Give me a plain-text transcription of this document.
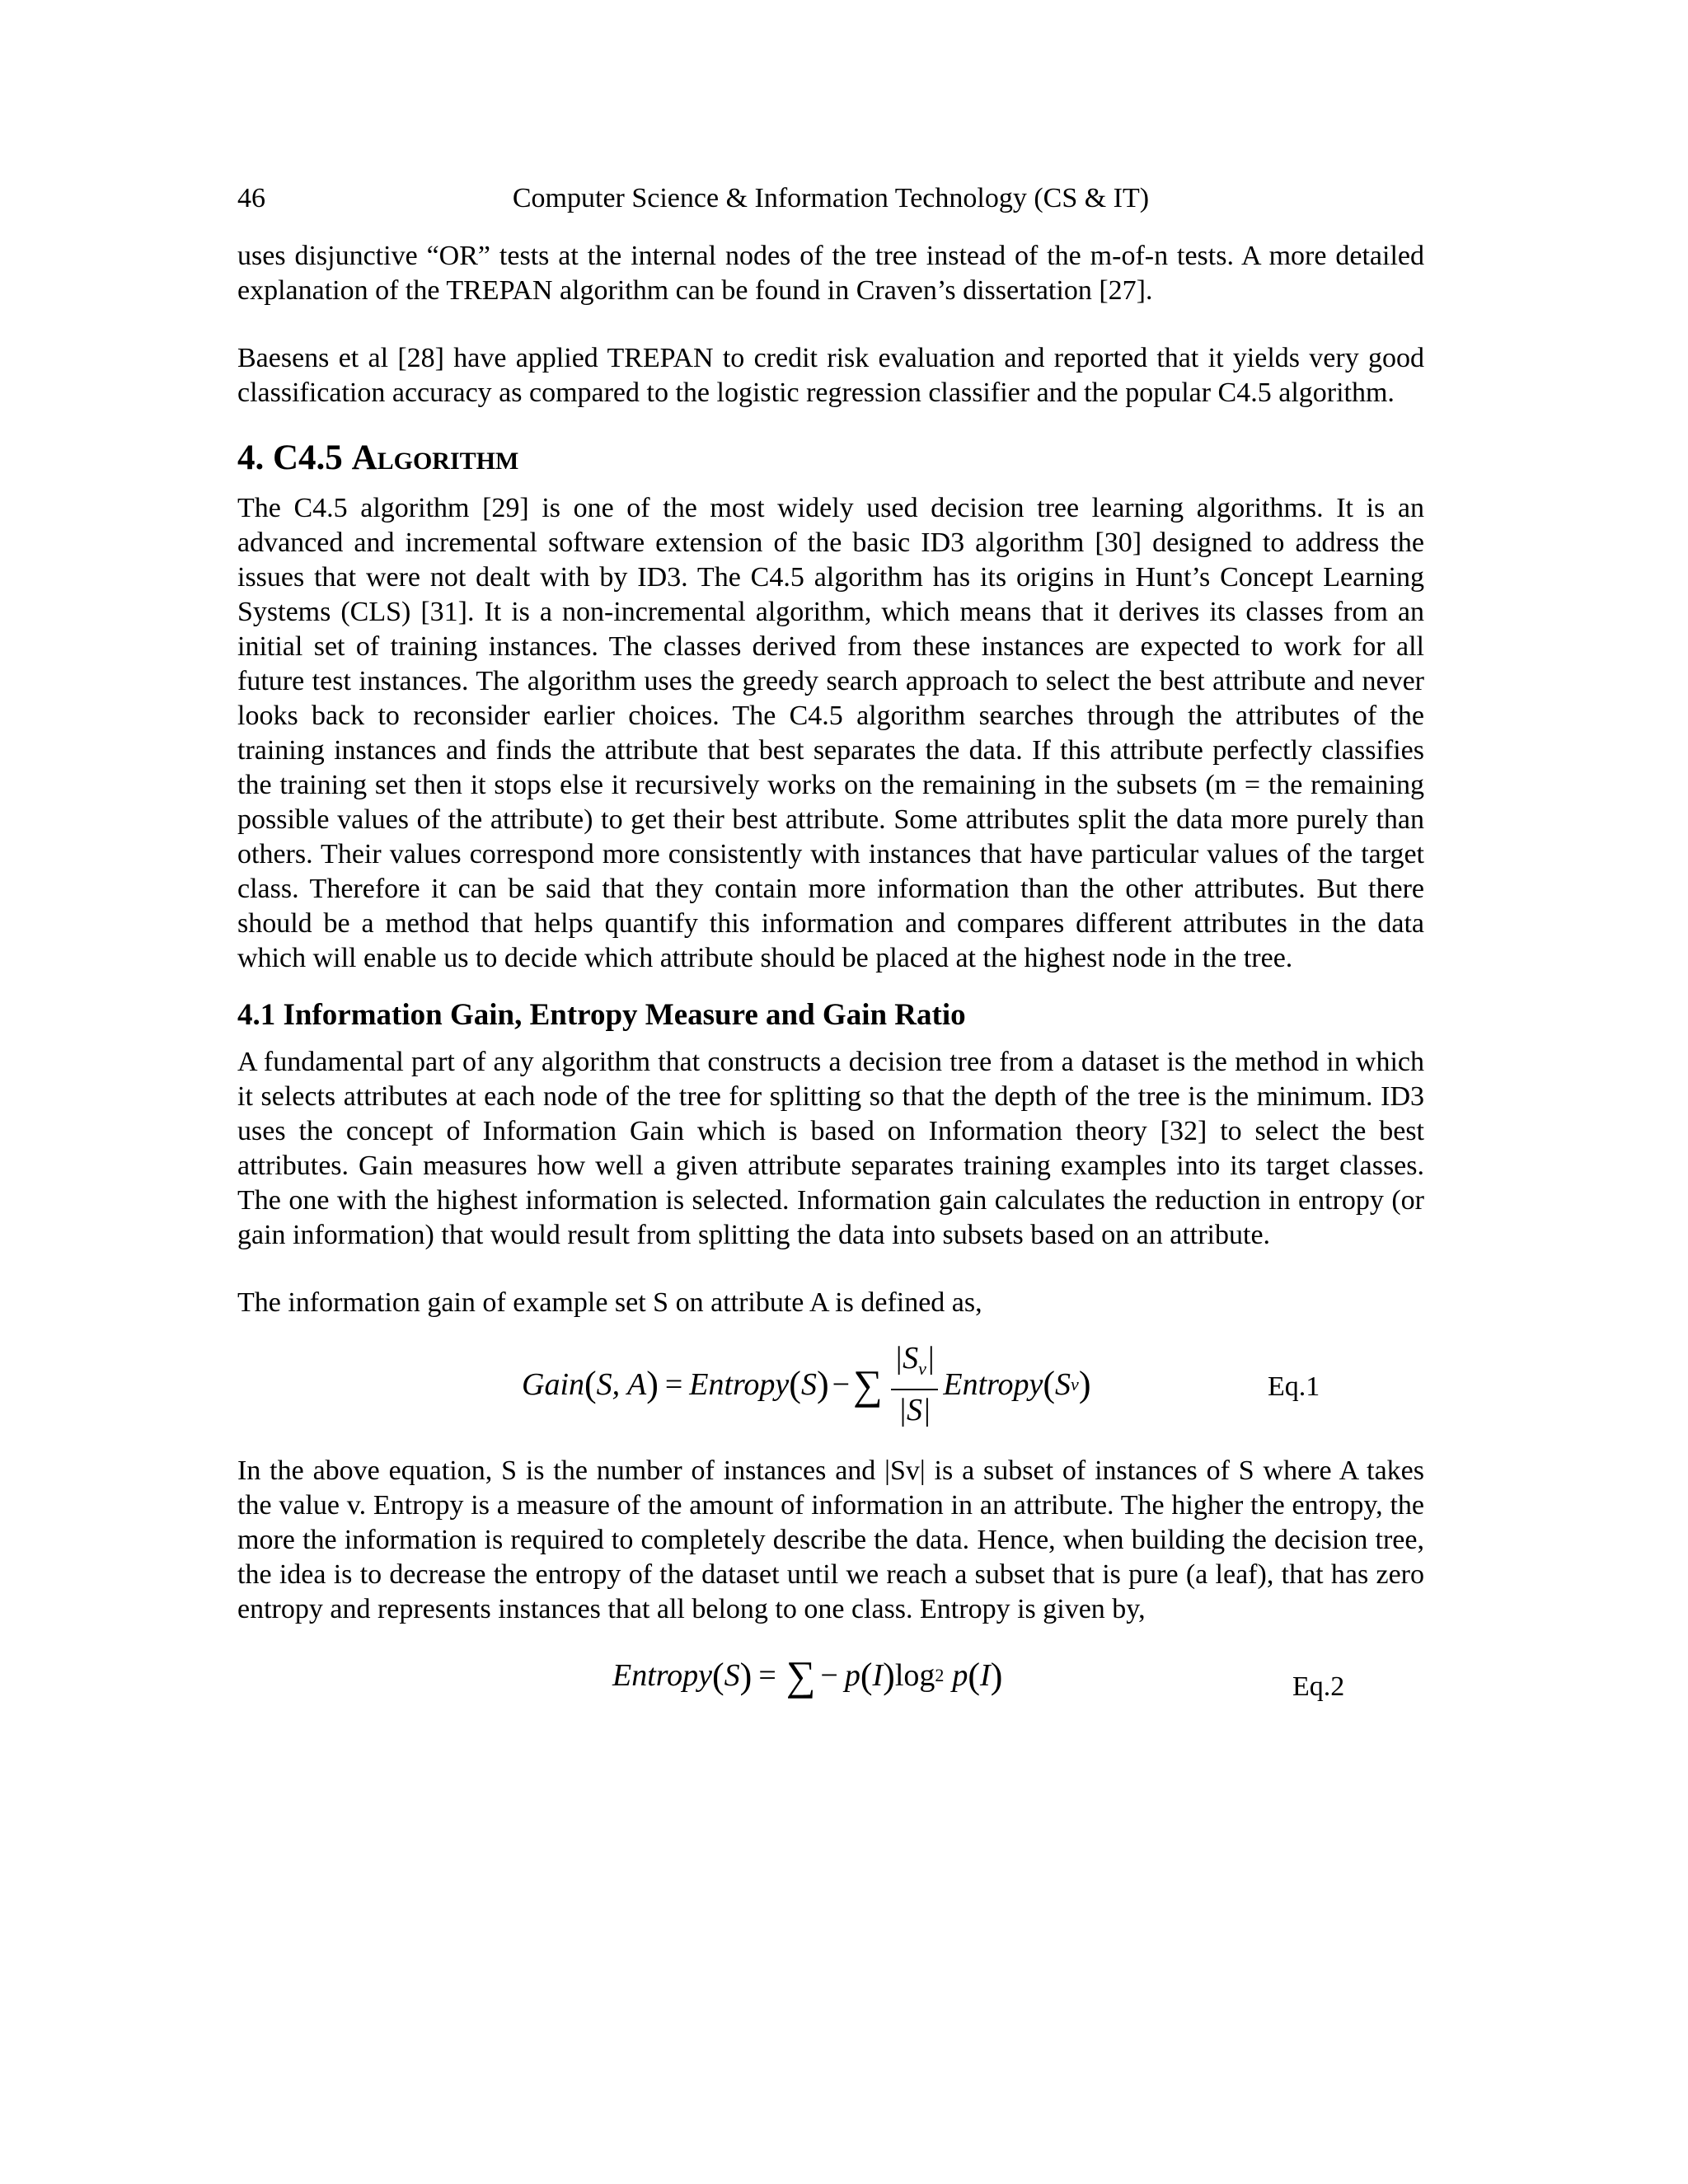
46	Computer Science & Information Technology (CS & IT)

uses disjunctive “OR” tests at the internal nodes of the tree instead of the m-of-n tests. A more detailed explanation of the TREPAN algorithm can be found in Craven’s dissertation [27].

Baesens et al [28] have applied TREPAN to credit risk evaluation and reported that it yields very good classification accuracy as compared to the logistic regression classifier and the popular C4.5 algorithm.

4. C4.5 Algorithm

The C4.5 algorithm [29] is one of the most widely used decision tree learning algorithms. It is an advanced and incremental software extension of the basic ID3 algorithm [30] designed to address the issues that were not dealt with by ID3. The C4.5 algorithm has its origins in Hunt’s Concept Learning Systems (CLS) [31]. It is a non-incremental algorithm, which means that it derives its classes from an initial set of training instances. The classes derived from these instances are expected to work for all future test instances. The algorithm uses the greedy search approach to select the best attribute and never looks back to reconsider earlier choices. The C4.5 algorithm searches through the attributes of the training instances and finds the attribute that best separates the data. If this attribute perfectly classifies the training set then it stops else it recursively works on the remaining in the subsets (m = the remaining possible values of the attribute) to get their best attribute. Some attributes split the data more purely than others. Their values correspond more consistently with instances that have particular values of the target class. Therefore it can be said that they contain more information than the other attributes. But there should be a method that helps quantify this information and compares different attributes in the data which will enable us to decide which attribute should be placed at the highest node in the tree.

4.1 Information Gain, Entropy Measure and Gain Ratio

A fundamental part of any algorithm that constructs a decision tree from a dataset is the method in which it selects attributes at each node of the tree for splitting so that the depth of the tree is the minimum. ID3 uses the concept of Information Gain which is based on Information theory [32] to select the best attributes. Gain measures how well a given attribute separates training examples into its target classes. The one with the highest information is selected. Information gain calculates the reduction in entropy (or gain information) that would result from splitting the data into subsets based on an attribute.

The information gain of example set S on attribute A is defined as,

Gain ( S, A ) = Entropy ( S ) − ∑ $\frac{|S_v|}{|S|}$ Entropy ( S v )	Eq.1

In the above equation, S is the number of instances and |Sv| is a subset of instances of S where A takes the value v. Entropy is a measure of the amount of information in an attribute. The higher the entropy, the more the information is required to completely describe the data. Hence, when building the decision tree, the idea is to decrease the entropy of the dataset until we reach a subset that is pure (a leaf), that has zero entropy and represents instances that all belong to one class. Entropy is given by,

Entropy ( S ) = ∑ − p ( I ) log 2 p ( I )	Eq.2
